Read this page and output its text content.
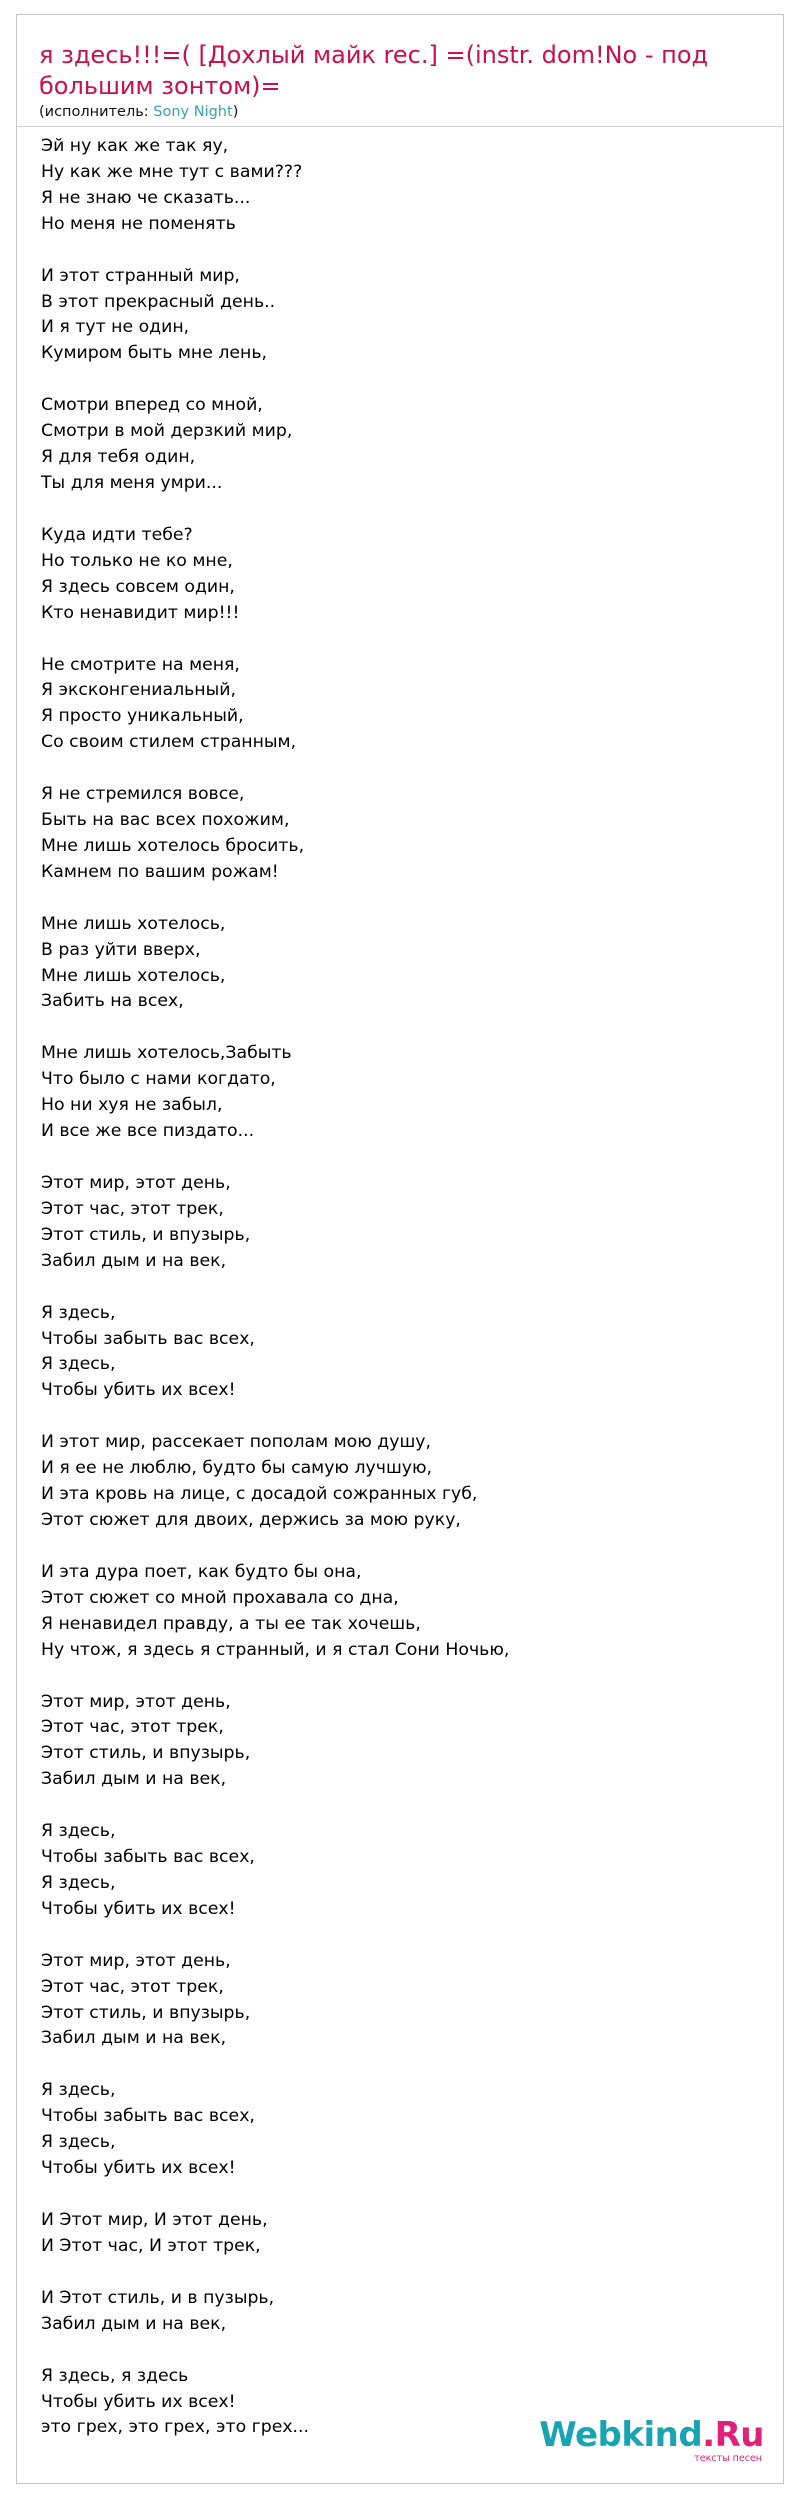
я здесь!!!=( [Дохлый майк rec.] =(instr. dom!No - под большим зонтом)=
(исполнитель: Sony Night)
Эй ну как же так яу,
Ну как же мне тут с вами???
Я не знаю че сказать...
Но меня не поменять
И этот странный мир,
В этот прекрасный день..
И я тут не один,
Кумиром быть мне лень,
Смотри вперед со мной,
Смотри в мой дерзкий мир,
Я для тебя один,
Ты для меня умри...
Куда идти тебе?
Но только не ко мне,
Я здесь совсем один,
Кто ненавидит мир!!!
Не смотрите на меня,
Я эксконгениальный,
Я просто уникальный,
Со своим стилем странным,
Я не стремился вовсе,
Быть на вас всех похожим,
Мне лишь хотелось бросить,
Камнем по вашим рожам!
Мне лишь хотелось,
В раз уйти вверх,
Мне лишь хотелось,
Забить на всех,
Мне лишь хотелось,Забыть
Что было с нами когдато,
Но ни хуя не забыл,
И все же все пиздато...
Этот мир, этот день,
Этот час, этот трек,
Этот стиль, и впузырь,
Забил дым и на век,
Я здесь,
Чтобы забыть вас всех,
Я здесь,
Чтобы убить их всех!
И этот мир, рассекает пополам мою душу,
И я ее не люблю, будто бы самую лучшую,
И эта кровь на лице, с досадой сожранных губ,
Этот сюжет для двоих, держись за мою руку,
И эта дура поет, как будто бы она,
Этот сюжет со мной прохавала со дна,
Я ненавидел правду, а ты ее так хочешь,
Ну чтож, я здесь я странный, и я стал Сони Ночью,
Этот мир, этот день,
Этот час, этот трек,
Этот стиль, и впузырь,
Забил дым и на век,
Я здесь,
Чтобы забыть вас всех,
Я здесь,
Чтобы убить их всех!
Этот мир, этот день,
Этот час, этот трек,
Этот стиль, и впузырь,
Забил дым и на век,
Я здесь,
Чтобы забыть вас всех,
Я здесь,
Чтобы убить их всех!
И Этот мир, И этот день,
И Этот час, И этот трек,
И Этот стиль, и в пузырь,
Забил дым и на век,
Я здесь, я здесь
Чтобы убить их всех!
это грех, это грех, это грех...	Webkind.Ru
тексты песен
